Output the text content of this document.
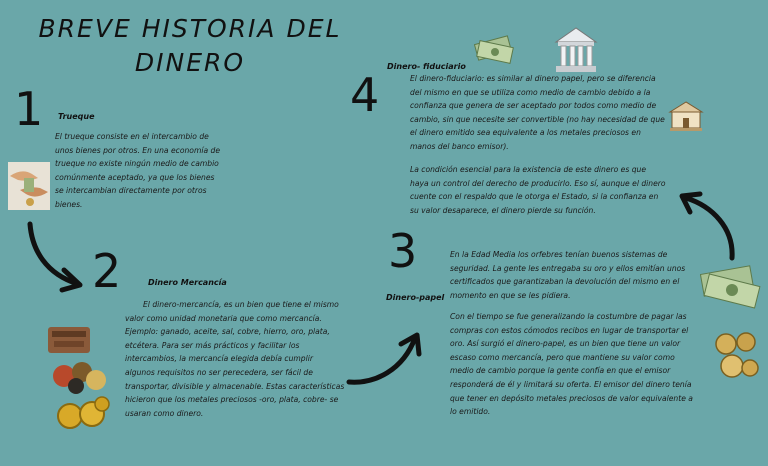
BREVE HISTORIA DEL
DINERO
1 Trueque
El trueque consiste en el intercambio de unos bienes por otros. En una economía de trueque no existe ningún medio de cambio comúnmente aceptado, ya que los bienes se intercambian directamente por otros bienes.
2	Dinero Mercancía
El dinero-mercancía, es un bien que tiene el mismo valor como unidad monetaria que como mercancía. Ejemplo: ganado, aceite, sal, cobre, hierro, oro, plata, etcétera. Para ser más prácticos y facilitar los intercambios, la mercancía elegida debía cumplir algunos requisitos no ser perecedera, ser fácil de transportar, divisible y almacenable. Estas características hicieron que los metales preciosos -oro, plata, cobre- se usaran como dinero.
3
Dinero-papel
En la Edad Media los orfebres tenían buenos sistemas de seguridad. La gente les entregaba su oro y ellos emitían unos certificados que garantizaban la devolución del mismo en el momento en que se les pidiera.
Con el tiempo se fue generalizando la costumbre de pagar las compras con estos cómodos recibos en lugar de transportar el oro. Así surgió el dinero-papel, es un bien que tiene un valor escaso como mercancía, pero que mantiene su valor como medio de cambio porque la gente confía en que el emisor responderá de él y limitará su oferta. El emisor del dinero tenía que tener en depósito metales preciosos de valor equivalente a lo emitido.
4
Dinero- fiduciario
El dinero-fiduciario: es similar al dinero papel, pero se diferencia del mismo en que se utiliza como medio de cambio debido a la confianza que genera de ser aceptado por todos como medio de cambio, sin que necesite ser convertible (no hay necesidad de que el dinero emitido sea equivalente a los metales preciosos en manos del banco emisor).
La condición esencial para la existencia de este dinero es que haya un control del derecho de producirlo. Eso sí, aunque el dinero cuente con el respaldo que le otorga el Estado, si la confianza en su valor desaparece, el dinero pierde su función.
